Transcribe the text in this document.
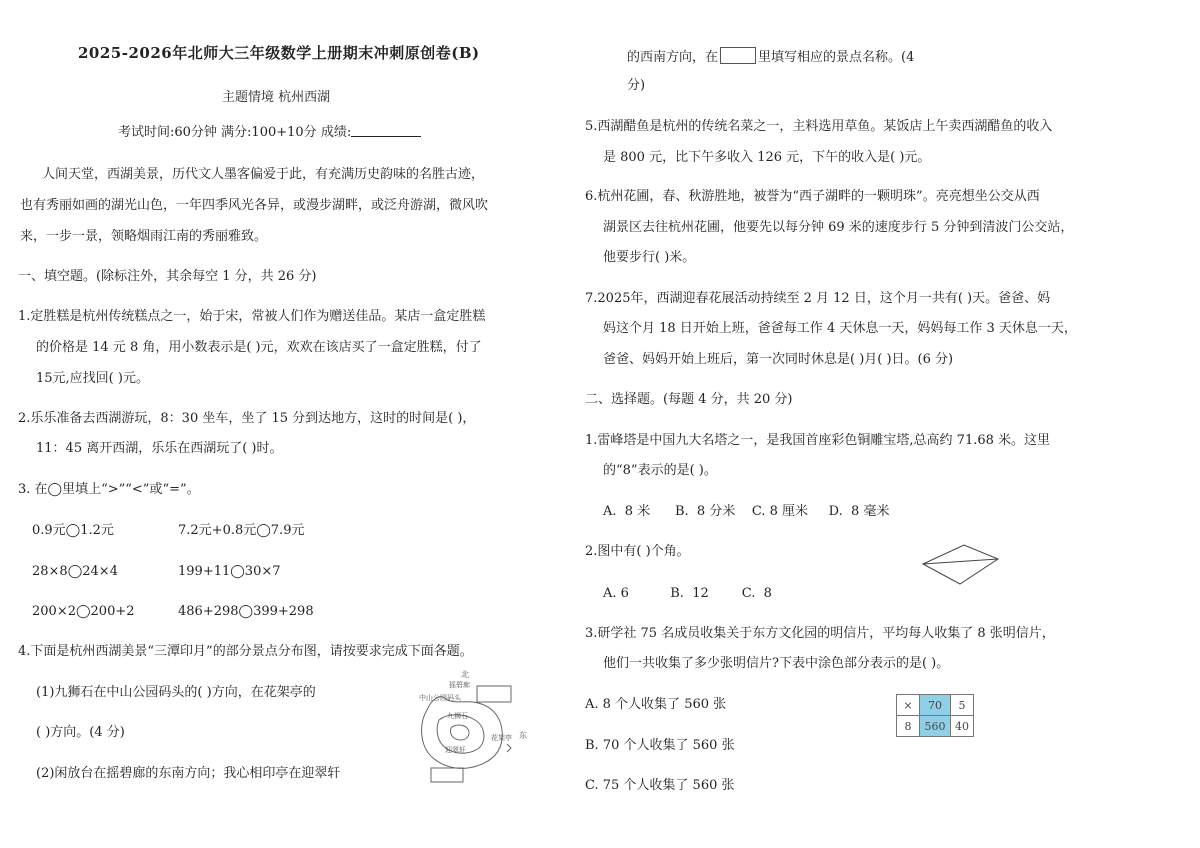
2025-2026年北师大三年级数学上册期末冲刺原创卷(B)
主题情境 杭州西湖
考试时间:60分钟 满分:100+10分 成绩:
人间天堂，西湖美景，历代文人墨客偏爱于此，有充满历史韵味的名胜古迹，
也有秀丽如画的湖光山色，一年四季风光各异，或漫步湖畔，或泛舟游湖，微风吹
来，一步一景，领略烟雨江南的秀丽雅致。
一、填空题。(除标注外，其余每空 1 分，共 26 分)
1.定胜糕是杭州传统糕点之一，始于宋，常被人们作为赠送佳品。某店一盒定胜糕
的价格是 14 元 8 角，用小数表示是( )元，欢欢在该店买了一盒定胜糕，付了
15元,应找回( )元。
2.乐乐准备去西湖游玩，8：30 坐车，坐了 15 分到达地方，这时的时间是( )，
11：45 离开西湖，乐乐在西湖玩了( )时。
3. 在◯里填上“>”“<”或“=”。
0.9元◯1.2元	7.2元+0.8元◯7.9元
28×8◯24×4	199+11◯30×7
200×2◯200+2	486+298◯399+298
4.下面是杭州西湖美景“三潭印月”的部分景点分布图，请按要求完成下面各题。
(1)九狮石在中山公园码头的( )方向，在花架亭的
( )方向。(4 分)
(2)闲放台在摇碧廊的东南方向；我心相印亭在迎翠轩
北
摇碧廊
中山公园码头
九狮石
花架亭 东
迎翠轩
的西南方向，在	里填写相应的景点名称。(4
分)
5.西湖醋鱼是杭州的传统名菜之一，主料选用草鱼。某饭店上午卖西湖醋鱼的收入
是 800 元，比下午多收入 126 元，下午的收入是( )元。
6.杭州花圃，春、秋游胜地，被誉为“西子湖畔的一颗明珠”。亮亮想坐公交从西
湖景区去往杭州花圃，他要先以每分钟 69 米的速度步行 5 分钟到清波门公交站，
他要步行( )米。
7.2025年，西湖迎春花展活动持续至 2 月 12 日，这个月一共有( )天。爸爸、妈
妈这个月 18 日开始上班，爸爸每工作 4 天休息一天，妈妈每工作 3 天休息一天，
爸爸、妈妈开始上班后，第一次同时休息是( )月( )日。(6 分)
二、选择题。(每题 4 分，共 20 分)
1.雷峰塔是中国九大名塔之一，是我国首座彩色铜雕宝塔,总高约 71.68 米。这里
的“8”表示的是( )。
A.  8 米      B.  8 分米    C. 8 厘米     D.  8 毫米
2.图中有( )个角。
A. 6          B.  12        C.  8
3.研学社 75 名成员收集关于东方文化园的明信片，平均每人收集了 8 张明信片，
他们一共收集了多少张明信片?下表中涂色部分表示的是( )。
A. 8 个人收集了 560 张
B. 70 个人收集了 560 张
C. 75 个人收集了 560 张
×	70	5
8	560	40
